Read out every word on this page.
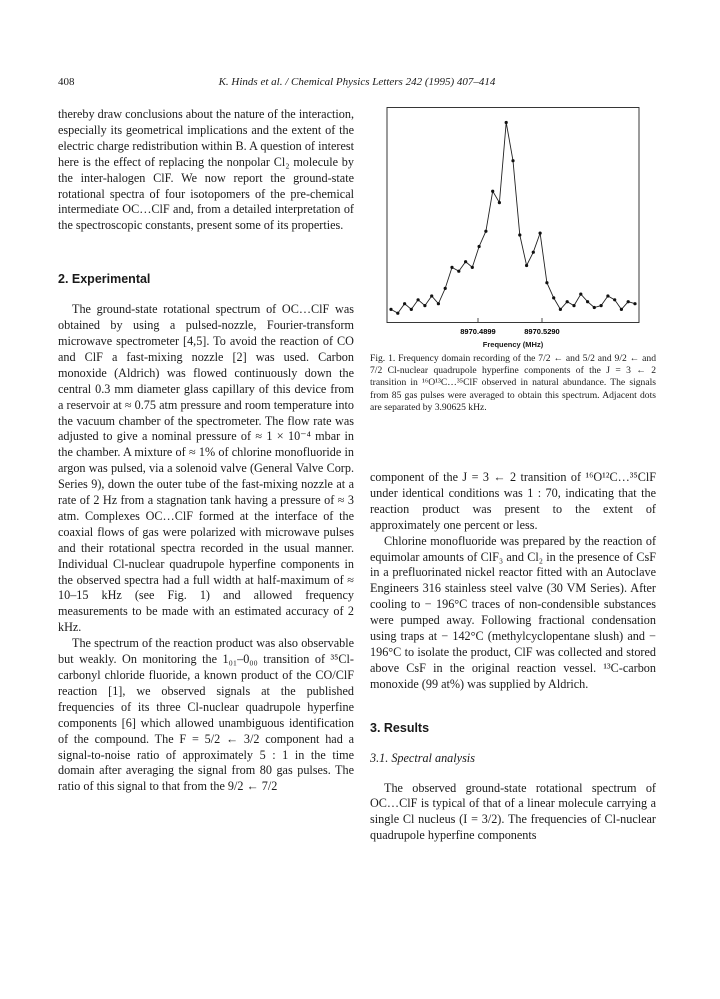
408	K. Hinds et al. / Chemical Physics Letters 242 (1995) 407–414

thereby draw conclusions about the nature of the interaction, especially its geometrical implications and the extent of the electric charge redistribution within B. A question of interest here is the effect of replacing the nonpolar Cl₂ molecule by the inter-halogen ClF. We now report the ground-state rotational spectra of four isotopomers of the pre-chemical intermediate OC…ClF and, from a detailed interpretation of the spectroscopic constants, present some of its properties.

2. Experimental

The ground-state rotational spectrum of OC…ClF was obtained by using a pulsed-nozzle, Fourier-transform microwave spectrometer [4,5]. To avoid the reaction of CO and ClF a fast-mixing nozzle [2] was used. Carbon monoxide (Aldrich) was flowed continuously down the central 0.3 mm diameter glass capillary of this device from a reservoir at ≈ 0.75 atm pressure and room temperature into the vacuum chamber of the spectrometer. The flow rate was adjusted to give a nominal pressure of ≈ 1 × 10⁻⁴ mbar in the chamber. A mixture of ≈ 1% of chlorine monofluoride in argon was pulsed, via a solenoid valve (General Valve Corp. Series 9), down the outer tube of the fast-mixing nozzle at a rate of 2 Hz from a stagnation tank having a pressure of ≈ 3 atm. Complexes OC…ClF formed at the interface of the coaxial flows of gas were polarized with microwave pulses and their rotational spectra recorded in the usual manner. Individual Cl-nuclear quadrupole hyperfine components in the observed spectra had a full width at half-maximum of ≈ 10–15 kHz (see Fig. 1) and allowed frequency measurements to be made with an estimated accuracy of 2 kHz.

The spectrum of the reaction product was also observable but weakly. On monitoring the 1₀₁–0₀₀ transition of ³⁵Cl-carbonyl chloride fluoride, a known product of the CO/ClF reaction [1], we observed signals at the published frequencies of its three Cl-nuclear quadrupole hyperfine components [6] which allowed unambiguous identification of the compound. The F = 5/2 ← 3/2 component had a signal-to-noise ratio of approximately 5 : 1 in the time domain after averaging the signal from 80 gas pulses. The ratio of this signal to that from the 9/2 ← 7/2

8970.4899	8970.5290
Frequency (MHz)
Fig. 1. Frequency domain recording of the 7/2 ← and 5/2 and 9/2 ← and 7/2 Cl-nuclear quadrupole hyperfine components of the J = 3 ← 2 transition in ¹⁶O¹³C…³⁵ClF observed in natural abundance. The signals from 85 gas pulses were averaged to obtain this spectrum. Adjacent dots are separated by 3.90625 kHz.

component of the J = 3 ← 2 transition of ¹⁶O¹²C…³⁵ClF under identical conditions was 1 : 70, indicating that the reaction product was present to the extent of approximately one percent or less.

Chlorine monofluoride was prepared by the reaction of equimolar amounts of ClF₃ and Cl₂ in the presence of CsF in a prefluorinated nickel reactor fitted with an Autoclave Engineers 316 stainless steel valve (30 VM Series). After cooling to − 196°C traces of non-condensible substances were pumped away. Following fractional condensation using traps at − 142°C (methylcyclopentane slush) and − 196°C to isolate the product, ClF was collected and stored above CsF in the original reaction vessel. ¹³C-carbon monoxide (99 at%) was supplied by Aldrich.

3. Results

3.1. Spectral analysis

The observed ground-state rotational spectrum of OC…ClF is typical of that of a linear molecule carrying a single Cl nucleus (I = 3/2). The frequencies of Cl-nuclear quadrupole hyperfine components
